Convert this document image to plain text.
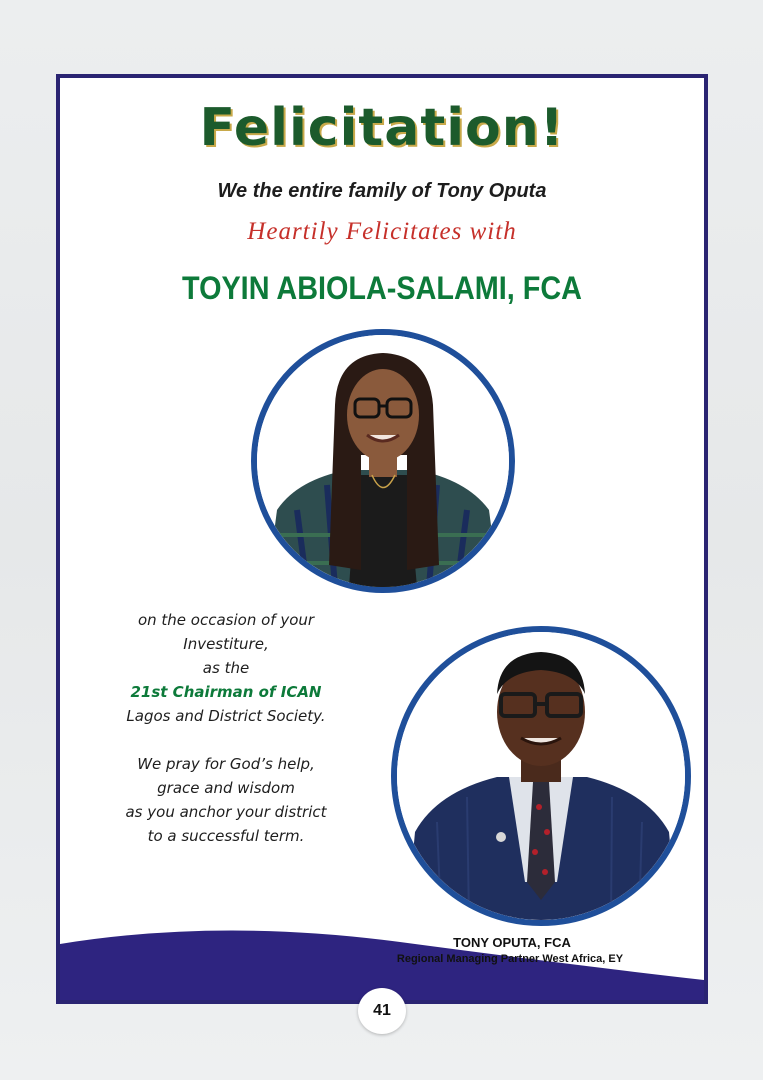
Felicitation!
We the entire family of Tony Oputa
Heartily Felicitates with
TOYIN ABIOLA-SALAMI, FCA
on the occasion of your Investiture,
as the
21st Chairman of ICAN
Lagos and District Society.
We pray for God’s help,
grace and wisdom
as you anchor your district
to a successful term.
TONY OPUTA, FCA
Regional Managing Partner West Africa, EY
41
